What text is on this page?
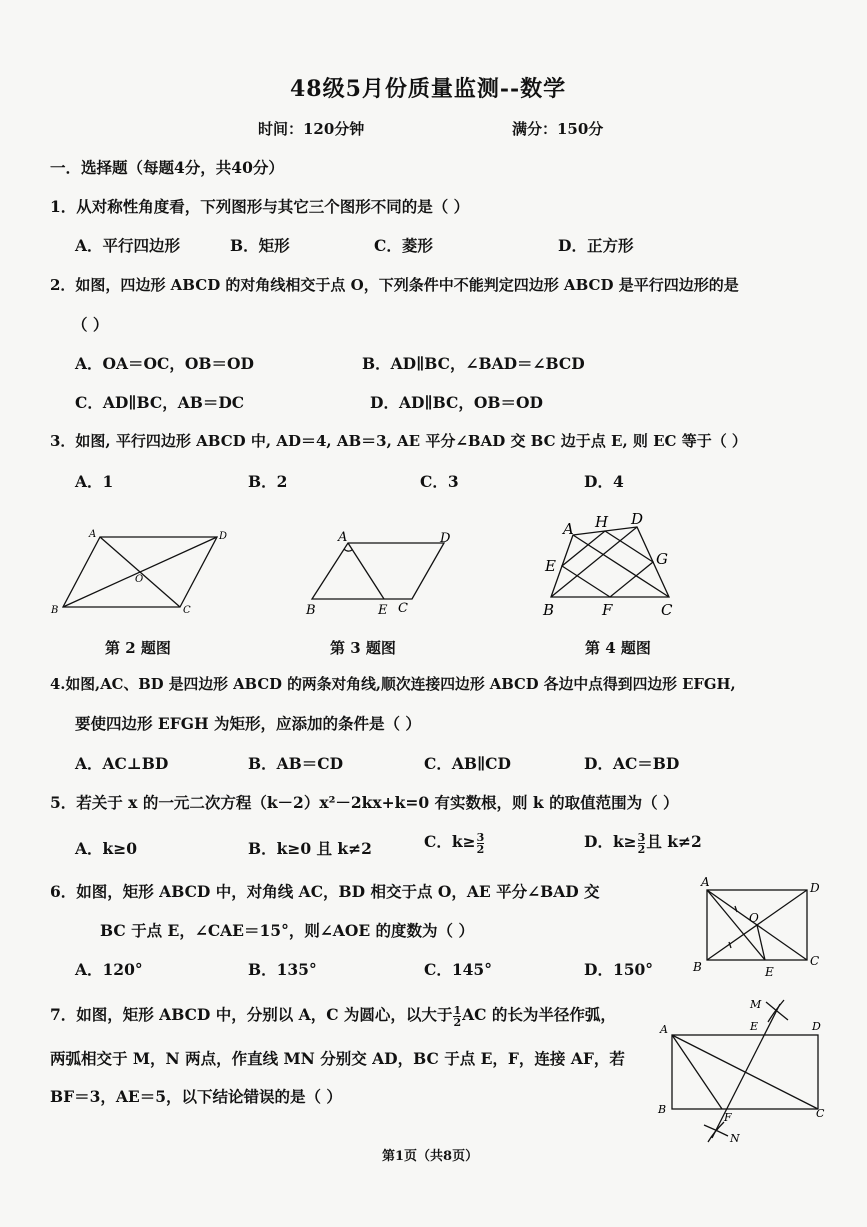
48级5月份质量监测--数学
时间：120分钟	满分：150分
一．选择题（每题4分，共40分）
1．从对称性角度看，下列图形与其它三个图形不同的是（ ）
A．平行四边形	B．矩形	C．菱形	D．正方形
2．如图，四边形 ABCD 的对角线相交于点 O，下列条件中不能判定四边形 ABCD 是平行四边形的是
（ ）
A．OA＝OC，OB＝OD	B．AD∥BC，∠BAD＝∠BCD
C．AD∥BC，AB＝DC	D．AD∥BC，OB＝OD
3．如图, 平行四边形 ABCD 中, AD＝4, AB＝3, AE 平分∠BAD 交 BC 边于点 E, 则 EC 等于（ ）
A．1	B．2	C．3	D．4
A	D
B	C
O
第 2 题图
A	D
B	E C
第 3 题图
A H D
E	G
B	F	C
第 4 题图
4.如图,AC、BD 是四边形 ABCD 的两条对角线,顺次连接四边形 ABCD 各边中点得到四边形 EFGH,
要使四边形 EFGH 为矩形，应添加的条件是（ ）
A．AC⊥BD	B．AB＝CD	C．AB∥CD	D．AC＝BD
5．若关于 x 的一元二次方程（k－2）x²－2kx+k=0 有实数根，则 k 的取值范围为（ ）
A．k≥0	B．k≥0 且 k≠2	C．$k\ge \frac{3}{2}$	D．$k\ge \frac{3}{2}$ 且 k≠2
6．如图，矩形 ABCD 中，对角线 AC，BD 相交于点 O，AE 平分∠BAD 交
BC 于点 E，∠CAE＝15°，则∠AOE 的度数为（ ）
A．120°	B．135°	C．145°	D．150°
A	D
O
B	E
C
7．如图，矩形 ABCD 中，分别以 A，C 为圆心，以大于 $\frac{1}{2}$ AC 的长为半径作弧，
两弧相交于 M，N 两点，作直线 MN 分别交 AD，BC 于点 E，F，连接 AF，若
BF＝3，AE＝5，以下结论错误的是（ ）
M
E	D
A
B
F	C
N
第1页（共8页）
